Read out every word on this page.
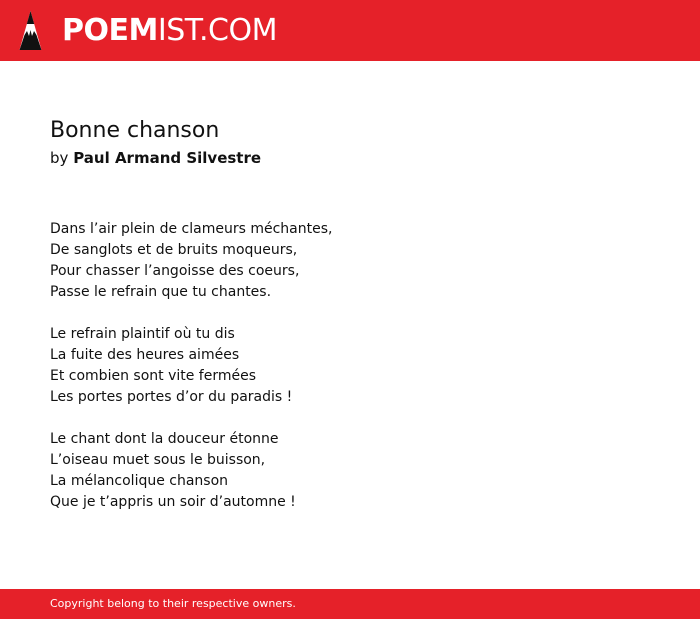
POEMIST.COM
Bonne chanson
by Paul Armand Silvestre
Dans l’air plein de clameurs méchantes,
De sanglots et de bruits moqueurs,
Pour chasser l’angoisse des coeurs,
Passe le refrain que tu chantes.
Le refrain plaintif où tu dis
La fuite des heures aimées
Et combien sont vite fermées
Les portes portes d’or du paradis !
Le chant dont la douceur étonne
L’oiseau muet sous le buisson,
La mélancolique chanson
Que je t’appris un soir d’automne !
Copyright belong to their respective owners.
